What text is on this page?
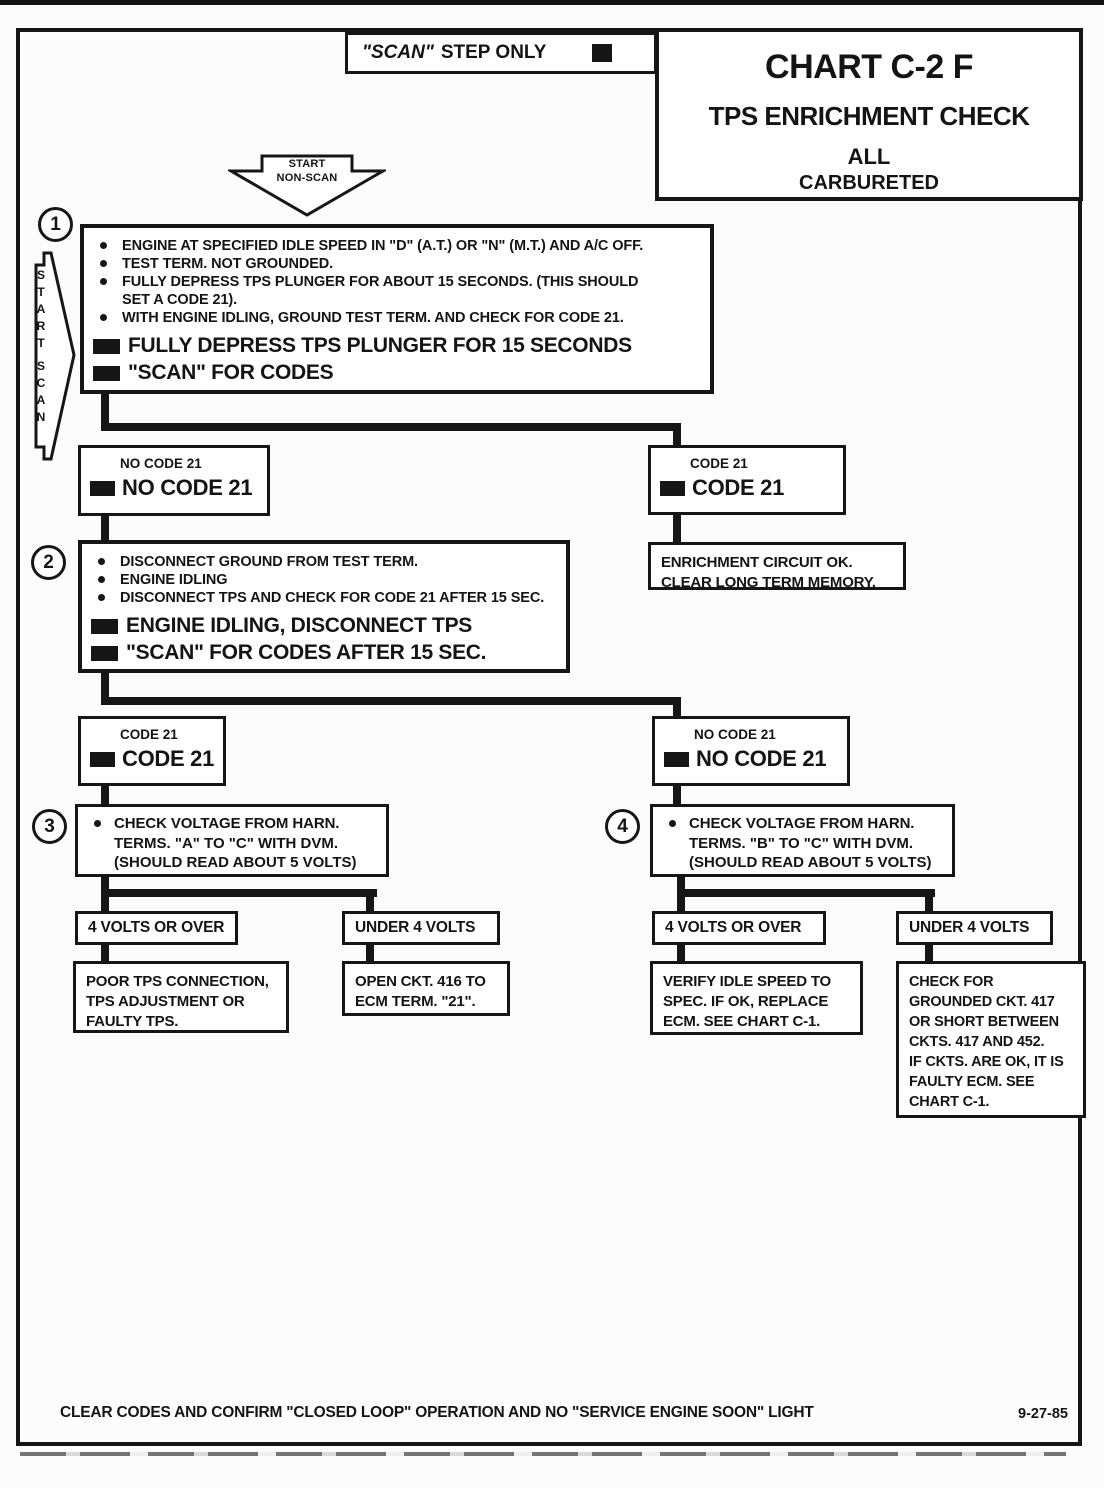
"SCAN" STEP ONLY	CHART C-2 F
TPS ENRICHMENT CHECK
ALL
CARBURETED
START
NON-SCAN
START
SCAN
1
2
3	4
ENGINE AT SPECIFIED IDLE SPEED IN "D" (A.T.) OR "N" (M.T.) AND A/C OFF.
TEST TERM. NOT GROUNDED.
FULLY DEPRESS TPS PLUNGER FOR ABOUT 15 SECONDS. (THIS SHOULD SET A CODE 21).
WITH ENGINE IDLING, GROUND TEST TERM. AND CHECK FOR CODE 21.
FULLY DEPRESS TPS PLUNGER FOR 15 SECONDS
"SCAN" FOR CODES
NO CODE 21
NO CODE 21
CODE 21
CODE 21
ENRICHMENT CIRCUIT OK.
CLEAR LONG TERM MEMORY.
DISCONNECT GROUND FROM TEST TERM.
ENGINE IDLING
DISCONNECT TPS AND CHECK FOR CODE 21 AFTER 15 SEC.
ENGINE IDLING, DISCONNECT TPS
"SCAN" FOR CODES AFTER 15 SEC.
CODE 21
CODE 21
NO CODE 21
NO CODE 21
CHECK VOLTAGE FROM HARN.
TERMS. "A" TO "C" WITH DVM.
(SHOULD READ ABOUT 5 VOLTS)
CHECK VOLTAGE FROM HARN.
TERMS. "B" TO "C" WITH DVM.
(SHOULD READ ABOUT 5 VOLTS)
4 VOLTS OR OVER	UNDER 4 VOLTS	4 VOLTS OR OVER	UNDER 4 VOLTS
POOR TPS CONNECTION,
TPS ADJUSTMENT OR
FAULTY TPS.
OPEN CKT. 416 TO
ECM TERM. "21".
VERIFY IDLE SPEED TO
SPEC. IF OK, REPLACE
ECM. SEE CHART C-1.
CHECK FOR
GROUNDED CKT. 417
OR SHORT BETWEEN
CKTS. 417 AND 452.
IF CKTS. ARE OK, IT IS
FAULTY ECM. SEE
CHART C-1.
CLEAR CODES AND CONFIRM "CLOSED LOOP" OPERATION AND NO "SERVICE ENGINE SOON" LIGHT	9-27-85
